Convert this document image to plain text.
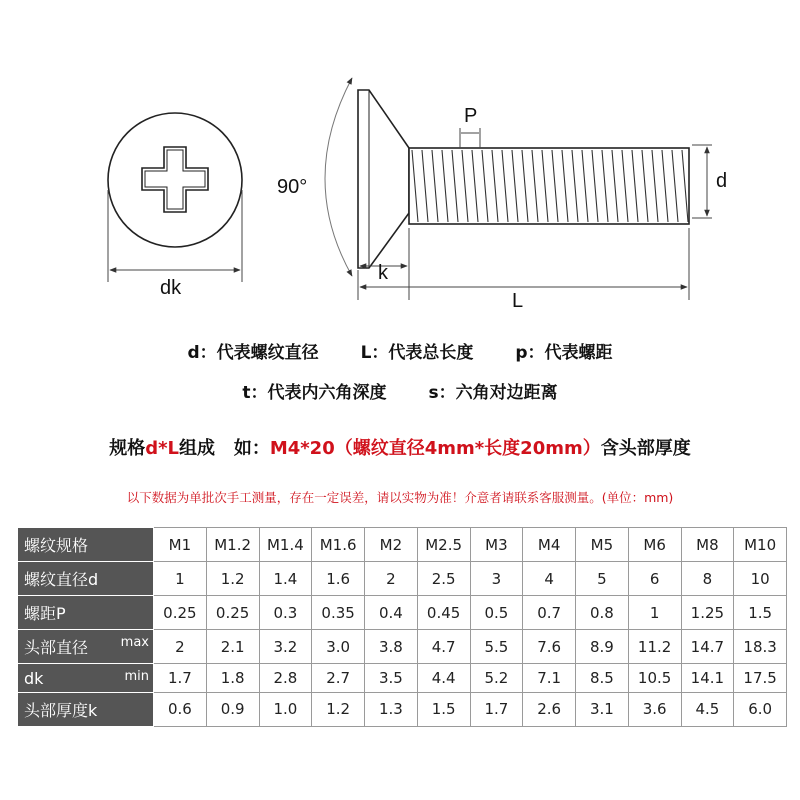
dk
90°
k
L
P
d
d：代表螺纹直径 L：代表总长度 p：代表螺距
t：代表内六角深度 s：六角对边距离
规格d*L组成   如：M4*20（螺纹直径4mm*长度20mm）含头部厚度
以下数据为单批次手工测量，存在一定误差，请以实物为准！介意者请联系客服测量。(单位：mm)
螺纹规格	M1	M1.2	M1.4	M1.6	M2	M2.5	M3	M4	M5	M6	M8	M10
螺纹直径d	1	1.2	1.4	1.6	2	2.5	3	4	5	6	8	10
螺距P	0.25	0.25	0.3	0.35	0.4	0.45	0.5	0.7	0.8	1	1.25	1.5
头部直径 max	2	2.1	3.2	3.0	3.8	4.7	5.5	7.6	8.9	11.2	14.7	18.3
dk min	1.7	1.8	2.8	2.7	3.5	4.4	5.2	7.1	8.5	10.5	14.1	17.5
头部厚度k	0.6	0.9	1.0	1.2	1.3	1.5	1.7	2.6	3.1	3.6	4.5	6.0
